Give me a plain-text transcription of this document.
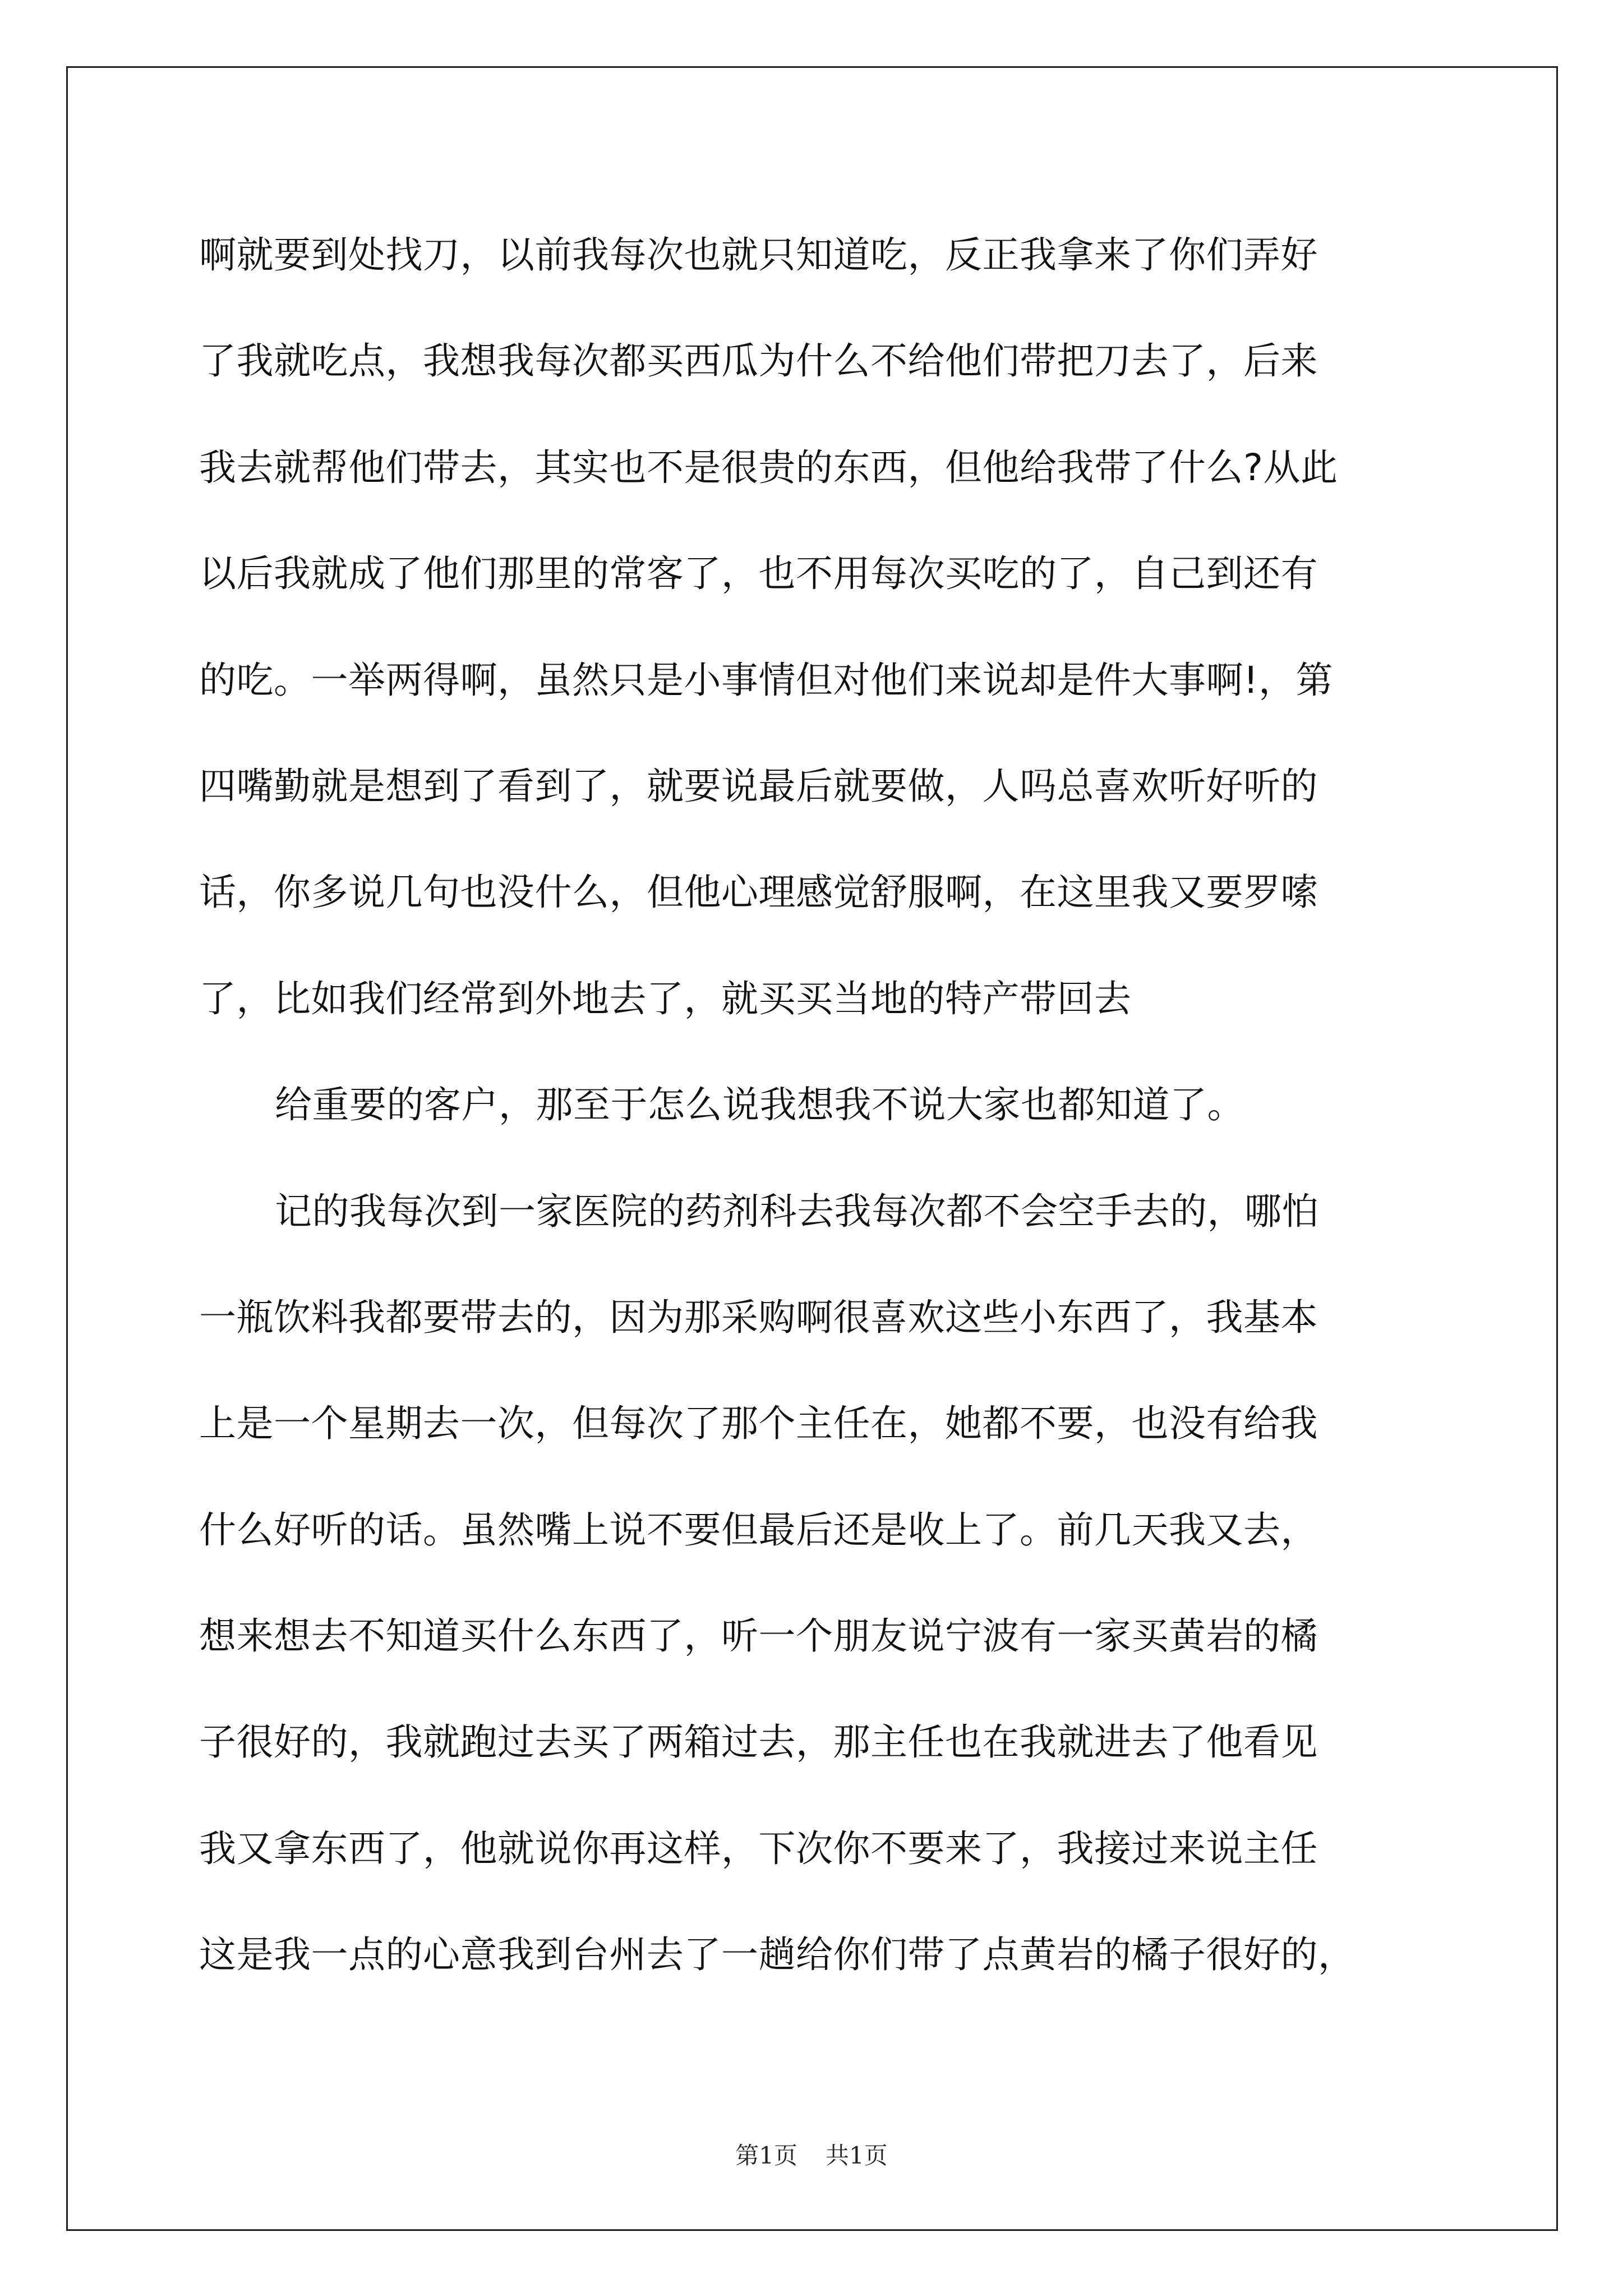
啊就要到处找刀，以前我每次也就只知道吃，反正我拿来了你们弄好
了我就吃点，我想我每次都买西瓜为什么不给他们带把刀去了，后来
我去就帮他们带去，其实也不是很贵的东西，但他给我带了什么?从此
以后我就成了他们那里的常客了，也不用每次买吃的了，自己到还有
的吃。一举两得啊，虽然只是小事情但对他们来说却是件大事啊!，第
四嘴勤就是想到了看到了，就要说最后就要做，人吗总喜欢听好听的
话，你多说几句也没什么，但他心理感觉舒服啊，在这里我又要罗嗦
了，比如我们经常到外地去了，就买买当地的特产带回去
给重要的客户，那至于怎么说我想我不说大家也都知道了。
记的我每次到一家医院的药剂科去我每次都不会空手去的，哪怕
一瓶饮料我都要带去的，因为那采购啊很喜欢这些小东西了，我基本
上是一个星期去一次，但每次了那个主任在，她都不要，也没有给我
什么好听的话。虽然嘴上说不要但最后还是收上了。前几天我又去，
想来想去不知道买什么东西了，听一个朋友说宁波有一家买黄岩的橘
子很好的，我就跑过去买了两箱过去，那主任也在我就进去了他看见
我又拿东西了，他就说你再这样，下次你不要来了，我接过来说主任
这是我一点的心意我到台州去了一趟给你们带了点黄岩的橘子很好的，
第1页 共1页
